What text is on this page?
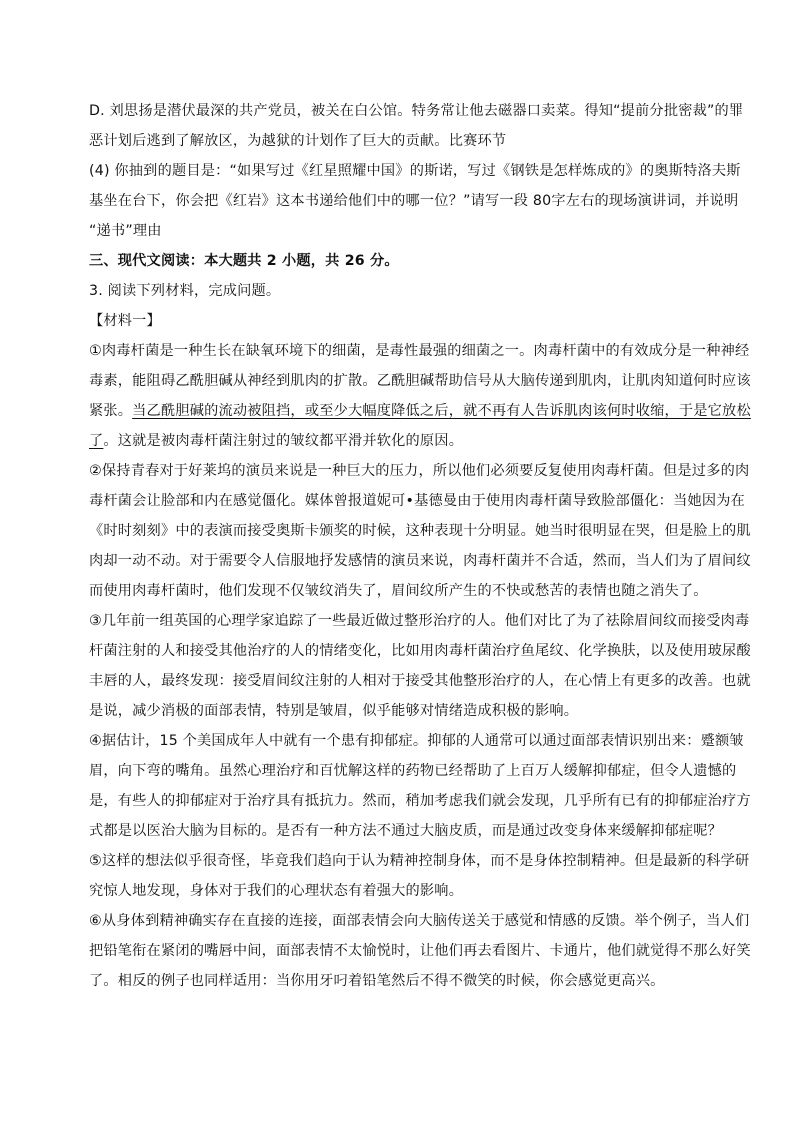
D. 刘思扬是潜伏最深的共产党员，被关在白公馆。特务常让他去磁器口卖菜。得知“提前分批密裁”的罪
恶计划后逃到了解放区，为越狱的计划作了巨大的贡献。比赛环节
(4) 你抽到的题目是：“如果写过《红星照耀中国》的斯诺，写过《钢铁是怎样炼成的》的奥斯特洛夫斯
基坐在台下，你会把《红岩》这本书递给他们中的哪一位？”请写一段 80字左右的现场演讲词，并说明
“递书”理由
三、现代文阅读：本大题共 2 小题，共 26 分。
3. 阅读下列材料，完成问题。
【材料一】
①肉毒杆菌是一种生长在缺氧环境下的细菌，是毒性最强的细菌之一。肉毒杆菌中的有效成分是一种神经
毒素，能阻碍乙酰胆碱从神经到肌肉的扩散。乙酰胆碱帮助信号从大脑传递到肌肉，让肌肉知道何时应该
紧张。当乙酰胆碱的流动被阻挡，或至少大幅度降低之后，就不再有人告诉肌肉该何时收缩，于是它放松
了。这就是被肉毒杆菌注射过的皱纹都平滑并软化的原因。
②保持青春对于好莱坞的演员来说是一种巨大的压力，所以他们必须要反复使用肉毒杆菌。但是过多的肉
毒杆菌会让脸部和内在感觉僵化。媒体曾报道妮可•基德曼由于使用肉毒杆菌导致脸部僵化：当她因为在
《时时刻刻》中的表演而接受奥斯卡颁奖的时候，这种表现十分明显。她当时很明显在哭，但是脸上的肌
肉却一动不动。对于需要令人信服地抒发感情的演员来说，肉毒杆菌并不合适，然而，当人们为了眉间纹
而使用肉毒杆菌时，他们发现不仅皱纹消失了，眉间纹所产生的不快或愁苦的表情也随之消失了。
③几年前一组英国的心理学家追踪了一些最近做过整形治疗的人。他们对比了为了祛除眉间纹而接受肉毒
杆菌注射的人和接受其他治疗的人的情绪变化，比如用肉毒杆菌治疗鱼尾纹、化学换肤，以及使用玻尿酸
丰唇的人，最终发现：接受眉间纹注射的人相对于接受其他整形治疗的人，在心情上有更多的改善。也就
是说，减少消极的面部表情，特别是皱眉，似乎能够对情绪造成积极的影响。
④据估计，15 个美国成年人中就有一个患有抑郁症。抑郁的人通常可以通过面部表情识别出来：蹙额皱
眉，向下弯的嘴角。虽然心理治疗和百忧解这样的药物已经帮助了上百万人缓解抑郁症，但令人遗憾的
是，有些人的抑郁症对于治疗具有抵抗力。然而，稍加考虑我们就会发现，几乎所有已有的抑郁症治疗方
式都是以医治大脑为目标的。是否有一种方法不通过大脑皮质，而是通过改变身体来缓解抑郁症呢？
⑤这样的想法似乎很奇怪，毕竟我们趋向于认为精神控制身体，而不是身体控制精神。但是最新的科学研
究惊人地发现，身体对于我们的心理状态有着强大的影响。
⑥从身体到精神确实存在直接的连接，面部表情会向大脑传送关于感觉和情感的反馈。举个例子，当人们
把铅笔衔在紧闭的嘴唇中间，面部表情不太愉悦时，让他们再去看图片、卡通片，他们就觉得不那么好笑
了。相反的例子也同样适用：当你用牙叼着铅笔然后不得不微笑的时候，你会感觉更高兴。
